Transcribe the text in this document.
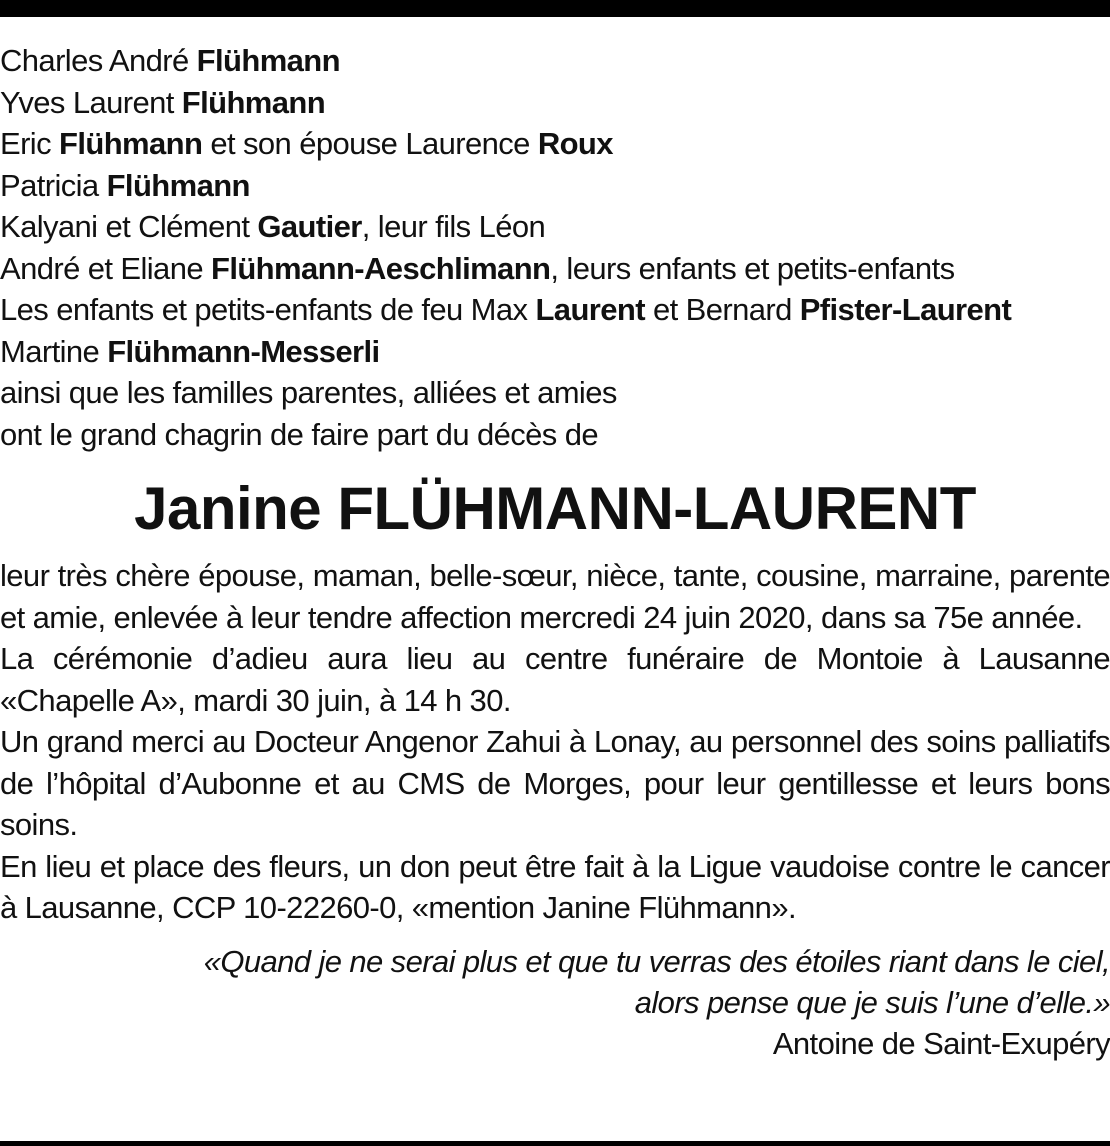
Charles André Flühmann
Yves Laurent Flühmann
Eric Flühmann et son épouse Laurence Roux
Patricia Flühmann
Kalyani et Clément Gautier, leur fils Léon
André et Eliane Flühmann-Aeschlimann, leurs enfants et petits-enfants
Les enfants et petits-enfants de feu Max Laurent et Bernard Pfister-Laurent
Martine Flühmann-Messerli
ainsi que les familles parentes, alliées et amies
ont le grand chagrin de faire part du décès de
Janine FLÜHMANN-LAURENT
leur très chère épouse, maman, belle-sœur, nièce, tante, cousine, marraine, parente et amie, enlevée à leur tendre affection mercredi 24 juin 2020, dans sa 75e année.
La cérémonie d’adieu aura lieu au centre funéraire de Montoie à Lausanne «Chapelle A», mardi 30 juin, à 14 h 30.
Un grand merci au Docteur Angenor Zahui à Lonay, au personnel des soins palliatifs de l’hôpital d’Aubonne et au CMS de Morges, pour leur gentillesse et leurs bons soins.
En lieu et place des fleurs, un don peut être fait à la Ligue vaudoise contre le cancer à Lausanne, CCP 10-22260-0, «mention Janine Flühmann».
«Quand je ne serai plus et que tu verras des étoiles riant dans le ciel,
alors pense que je suis l’une d’elle.»
Antoine de Saint-Exupéry
